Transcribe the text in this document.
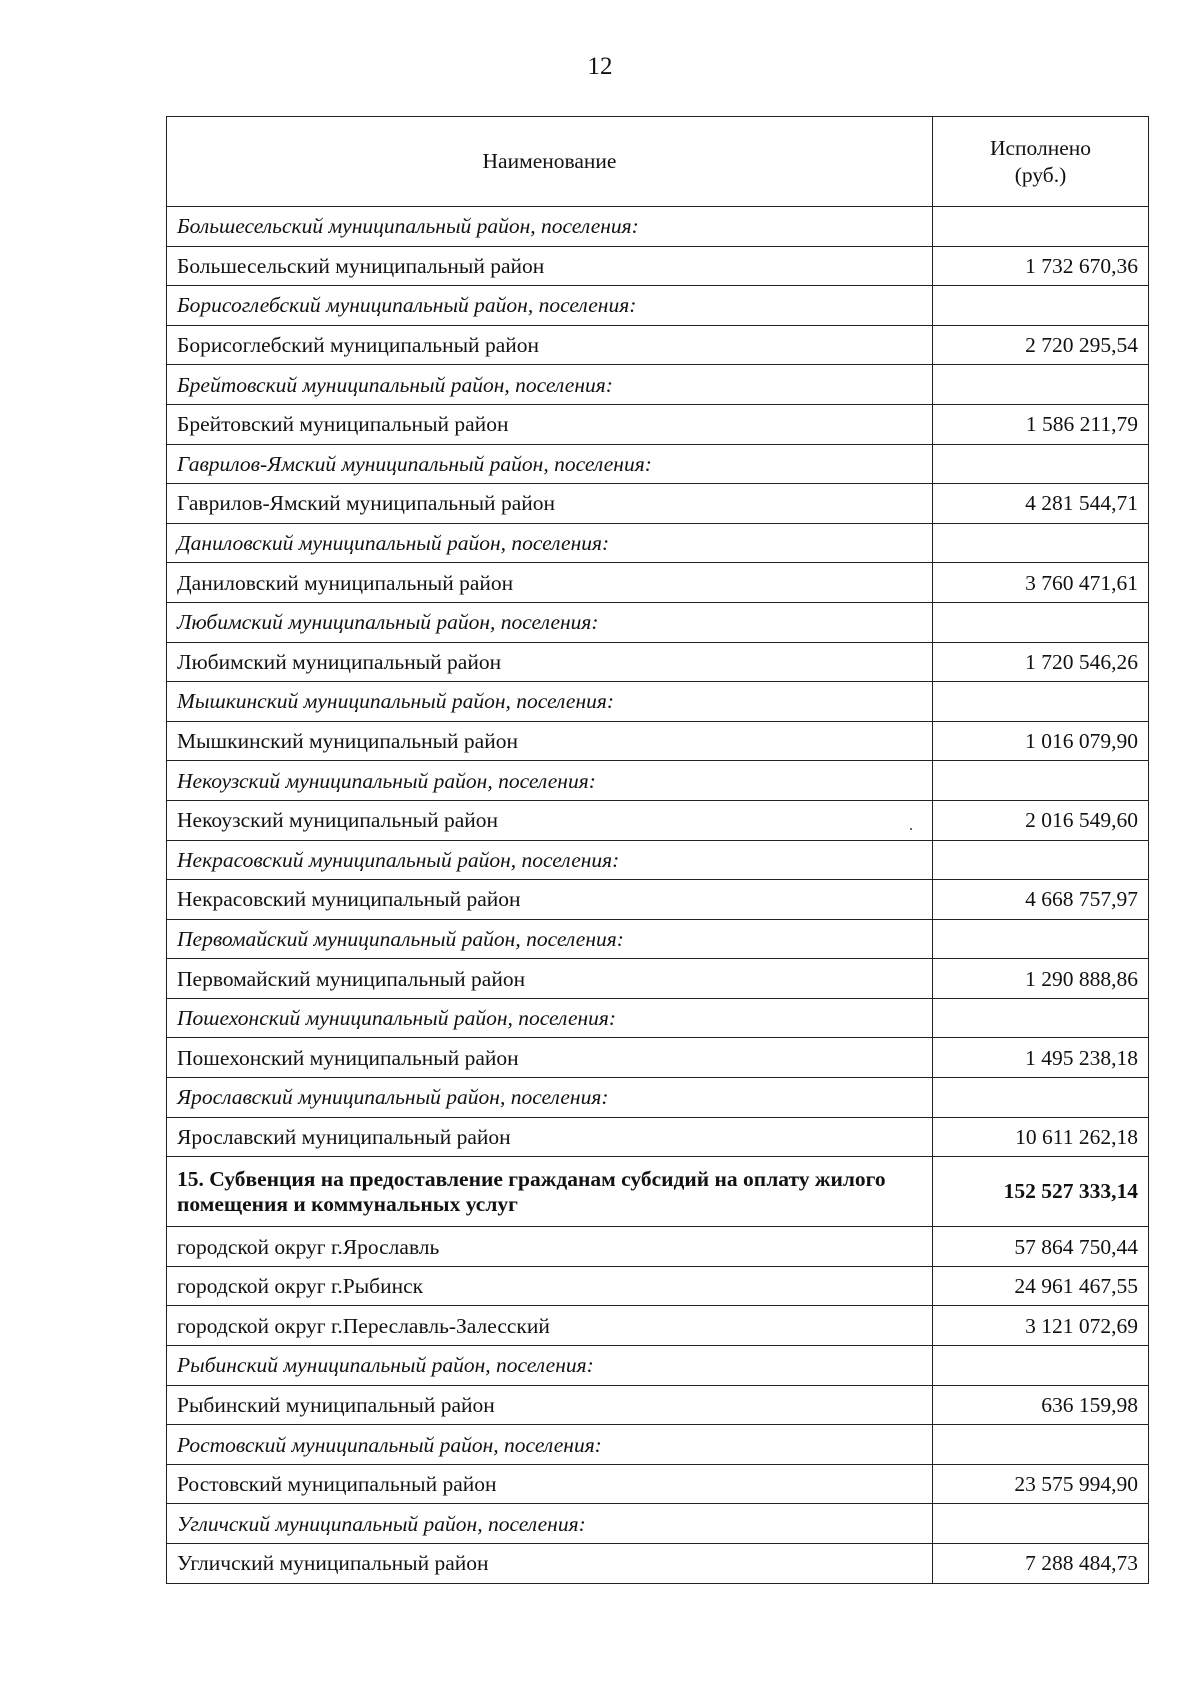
12
Наименование	Исполнено
(руб.)
Большесельский муниципальный район, поселения:	
Большесельский муниципальный район	1 732 670,36
Борисоглебский муниципальный район, поселения:	
Борисоглебский муниципальный район	2 720 295,54
Брейтовский муниципальный район, поселения:	
Брейтовский муниципальный район	1 586 211,79
Гаврилов-Ямский муниципальный район, поселения:	
Гаврилов-Ямский муниципальный район	4 281 544,71
Даниловский муниципальный район, поселения:	
Даниловский муниципальный район	3 760 471,61
Любимский муниципальный район, поселения:	
Любимский муниципальный район	1 720 546,26
Мышкинский муниципальный район, поселения:	
Мышкинский муниципальный район	1 016 079,90
Некоузский муниципальный район, поселения:	
Некоузский муниципальный район	2 016 549,60
Некрасовский муниципальный район, поселения:	
Некрасовский муниципальный район	4 668 757,97
Первомайский муниципальный район, поселения:	
Первомайский муниципальный район	1 290 888,86
Пошехонский муниципальный район, поселения:	
Пошехонский муниципальный район	1 495 238,18
Ярославский муниципальный район, поселения:	
Ярославский муниципальный район	10 611 262,18
15. Субвенция на предоставление гражданам субсидий на оплату жилого помещения и коммунальных услуг	152 527 333,14
городской округ г.Ярославль	57 864 750,44
городской округ г.Рыбинск	24 961 467,55
городской округ г.Переславль-Залесский	3 121 072,69
Рыбинский муниципальный район, поселения:	
Рыбинский муниципальный район	636 159,98
Ростовский муниципальный район, поселения:	
Ростовский муниципальный район	23 575 994,90
Угличский муниципальный район, поселения:	
Угличский муниципальный район	7 288 484,73
